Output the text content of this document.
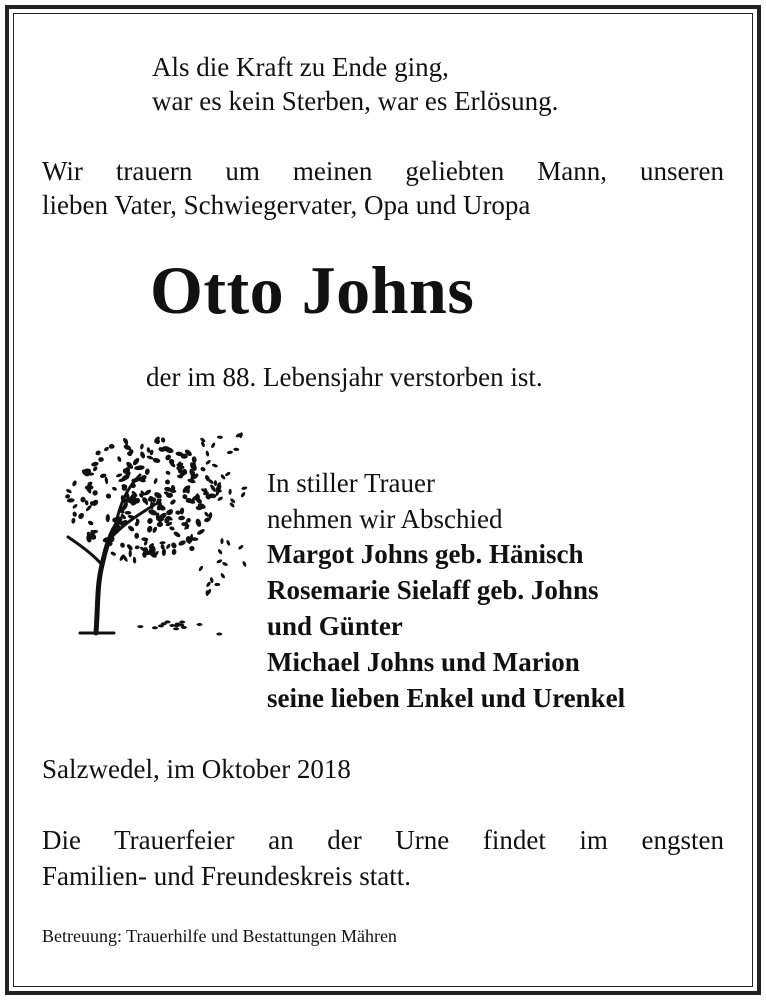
Als die Kraft zu Ende ging,
war es kein Sterben, war es Erlösung.
Wir trauern um meinen geliebten Mann, unseren
lieben Vater, Schwiegervater, Opa und Uropa
Otto Johns
der im 88. Lebensjahr verstorben ist.
In stiller Trauer
nehmen wir Abschied
Margot Johns geb. Hänisch
Rosemarie Sielaff geb. Johns
und Günter
Michael Johns und Marion
seine lieben Enkel und Urenkel
Salzwedel, im Oktober 2018
Die Trauerfeier an der Urne findet im engsten
Familien- und Freundeskreis statt.
Betreuung: Trauerhilfe und Bestattungen Mähren
